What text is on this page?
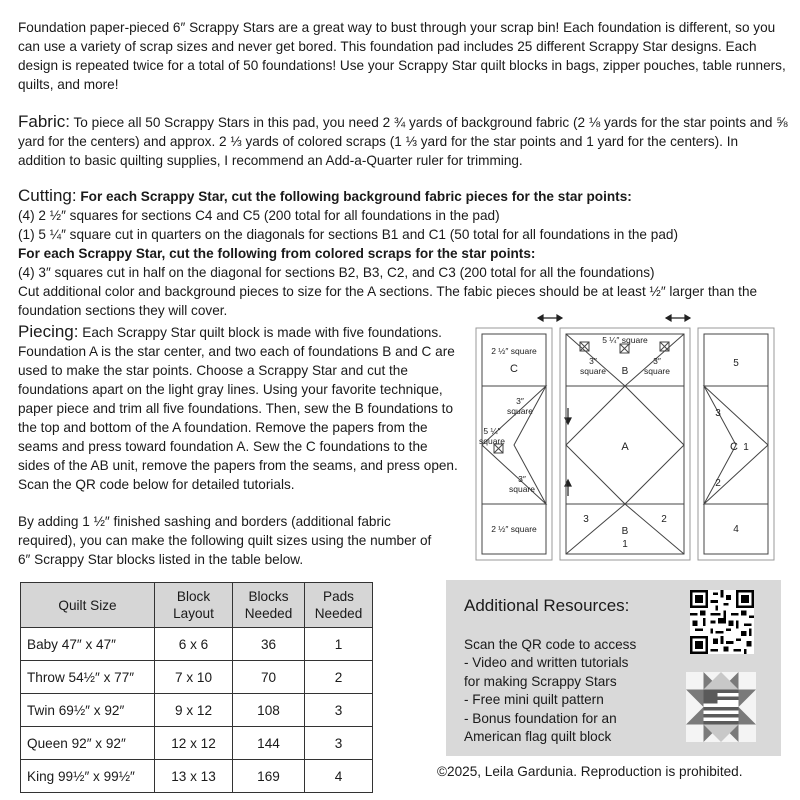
Foundation paper-pieced 6″ Scrappy Stars are a great way to bust through your scrap bin! Each foundation is different, so you can use a variety of scrap sizes and never get bored. This foundation pad includes 25 different Scrappy Star designs. Each design is repeated twice for a total of 50 foundations! Use your Scrappy Star quilt blocks in bags, zipper pouches, table runners, quilts, and more!
Fabric: To piece all 50 Scrappy Stars in this pad, you need 2 ¾ yards of background fabric (2 ⅛ yards for the star points and ⅝ yard for the centers) and approx. 2 ⅓ yards of colored scraps (1 ⅓ yard for the star points and 1 yard for the centers). In addition to basic quilting supplies, I recommend an Add-a-Quarter ruler for trimming.
Cutting: For each Scrappy Star, cut the following background fabric pieces for the star points:
(4) 2 ½″ squares for sections C4 and C5 (200 total for all foundations in the pad)
(1) 5 ¼″ square cut in quarters on the diagonals for sections B1 and C1 (50 total for all foundations in the pad)
For each Scrappy Star, cut the following from colored scraps for the star points:
(4) 3″ squares cut in half on the diagonal for sections B2, B3, C2, and C3 (200 total for all the foundations)
Cut additional color and background pieces to size for the A sections. The fabic pieces should be at least ½″ larger than the foundation sections they will cover.
Piecing: Each Scrappy Star quilt block is made with five foundations. Foundation A is the star center, and two each of foundations B and C are used to make the star points. Choose a Scrappy Star and cut the foundations apart on the light gray lines. Using your favorite technique, paper piece and trim all five foundations. Then, sew the B foundations to the top and bottom of the A foundation. Remove the papers from the seams and press toward foundation A. Sew the C foundations to the sides of the AB unit, remove the papers from the seams, and press open. Scan the QR code below for detailed tutorials.
By adding 1 ½″ finished sashing and borders (additional fabric required), you can make the following quilt sizes using the number of 6″ Scrappy Star blocks listed in the table below.
2 ½″ square
C
3″
square
5 ¼″
square
3″
square
2 ½″ square
5 ¼″ square
3″
square
3″
square
B
A
3	2
B
1
5
3
C 1
2
4
Quilt Size	Block Layout	Blocks Needed	Pads Needed
Baby 47″ x 47″	6 x 6	36	1
Throw 54½″ x 77″	7 x 10	70	2
Twin 69½″ x 92″	9 x 12	108	3
Queen 92″ x 92″	12 x 12	144	3
King 99½″ x 99½″	13 x 13	169	4
Additional Resources:
Scan the QR code to access
- Video and written tutorials
for making Scrappy Stars
- Free mini quilt pattern
- Bonus foundation for an
American flag quilt block
©2025, Leila Gardunia. Reproduction is prohibited.
